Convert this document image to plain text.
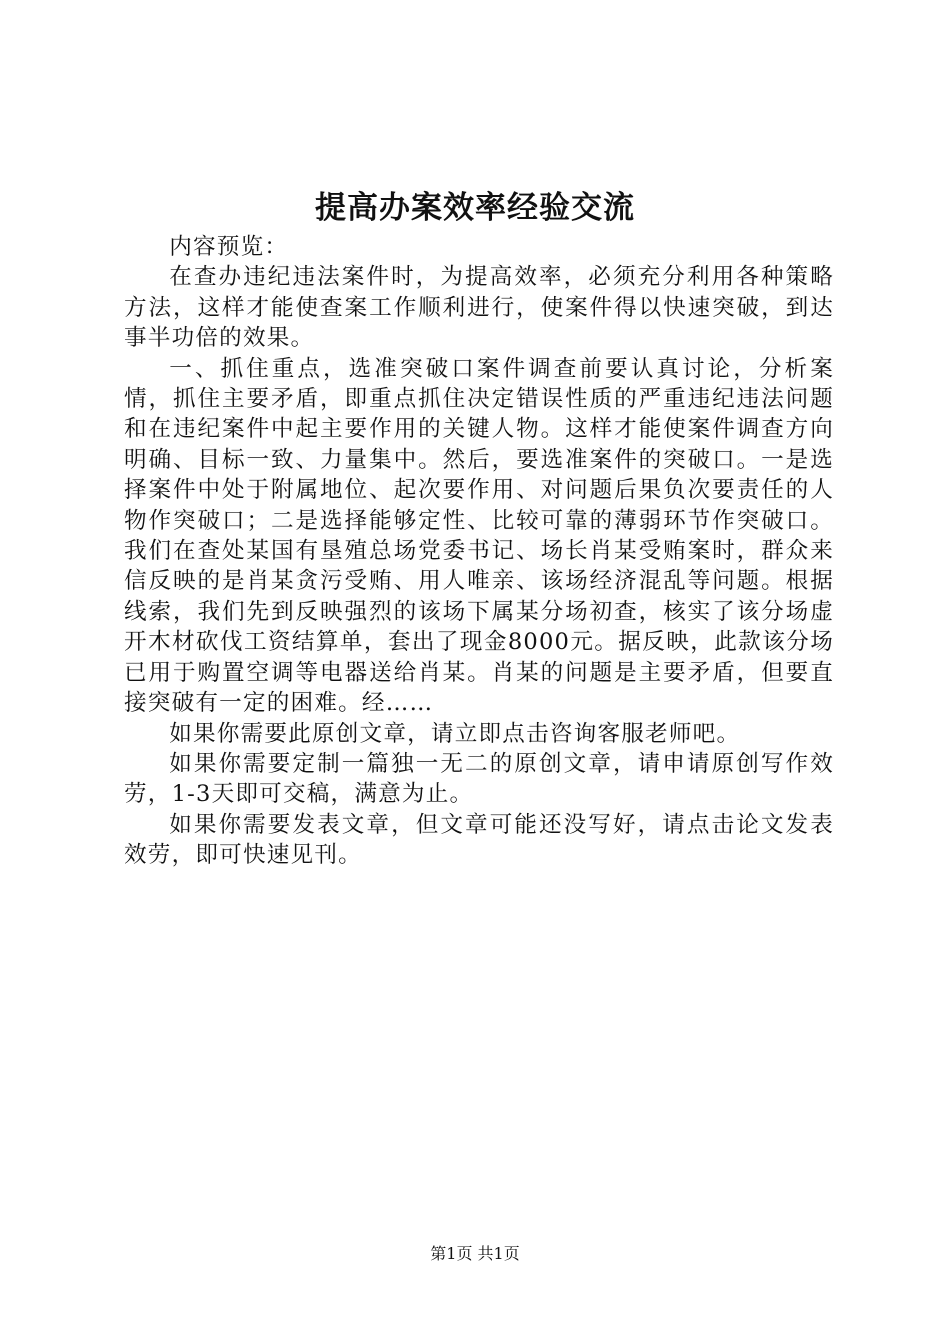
提高办案效率经验交流

内容预览：

在查办违纪违法案件时，为提高效率，必须充分利用各种策略方法，这样才能使查案工作顺利进行，使案件得以快速突破，到达事半功倍的效果。

一、抓住重点，选准突破口案件调查前要认真讨论，分析案情，抓住主要矛盾，即重点抓住决定错误性质的严重违纪违法问题和在违纪案件中起主要作用的关键人物。这样才能使案件调查方向明确、目标一致、力量集中。然后，要选准案件的突破口。一是选择案件中处于附属地位、起次要作用、对问题后果负次要责任的人物作突破口；二是选择能够定性、比较可靠的薄弱环节作突破口。我们在查处某国有垦殖总场党委书记、场长肖某受贿案时，群众来信反映的是肖某贪污受贿、用人唯亲、该场经济混乱等问题。根据线索，我们先到反映强烈的该场下属某分场初查，核实了该分场虚开木材砍伐工资结算单，套出了现金8000元。据反映，此款该分场已用于购置空调等电器送给肖某。肖某的问题是主要矛盾，但要直接突破有一定的困难。经……

如果你需要此原创文章，请立即点击咨询客服老师吧。

如果你需要定制一篇独一无二的原创文章，请申请原创写作效劳，1-3天即可交稿，满意为止。

如果你需要发表文章，但文章可能还没写好，请点击论文发表效劳，即可快速见刊。

第1页 共1页
